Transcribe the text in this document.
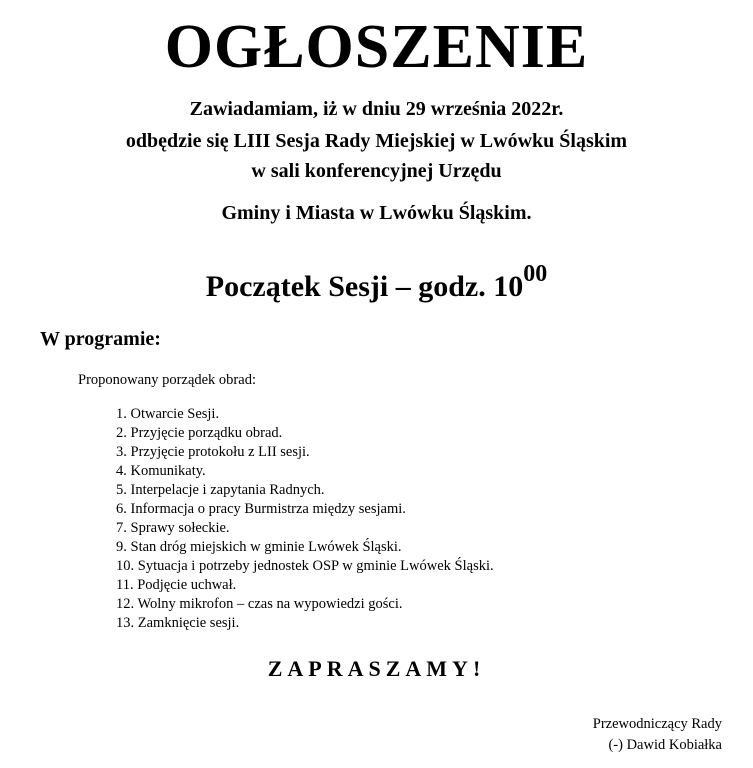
OGŁOSZENIE
Zawiadamiam, iż w dniu 29 września 2022r.
odbędzie się LIII Sesja Rady Miejskiej w Lwówku Śląskim
w sali konferencyjnej Urzędu
Gminy i Miasta w Lwówku Śląskim.
Początek Sesji – godz. $10^{00}$
W programie:
Proponowany porządek obrad:
1. Otwarcie Sesji.
2. Przyjęcie porządku obrad.
3. Przyjęcie protokołu z LII sesji.
4. Komunikaty.
5. Interpelacje i zapytania Radnych.
6. Informacja o pracy Burmistrza między sesjami.
7. Sprawy sołeckie.
9. Stan dróg miejskich w gminie Lwówek Śląski.
10. Sytuacja i potrzeby jednostek OSP w gminie Lwówek Śląski.
11. Podjęcie uchwał.
12. Wolny mikrofon – czas na wypowiedzi gości.
13. Zamknięcie sesji.
ZAPRASZAMY!
Przewodniczący Rady
(-) Dawid Kobiałka
